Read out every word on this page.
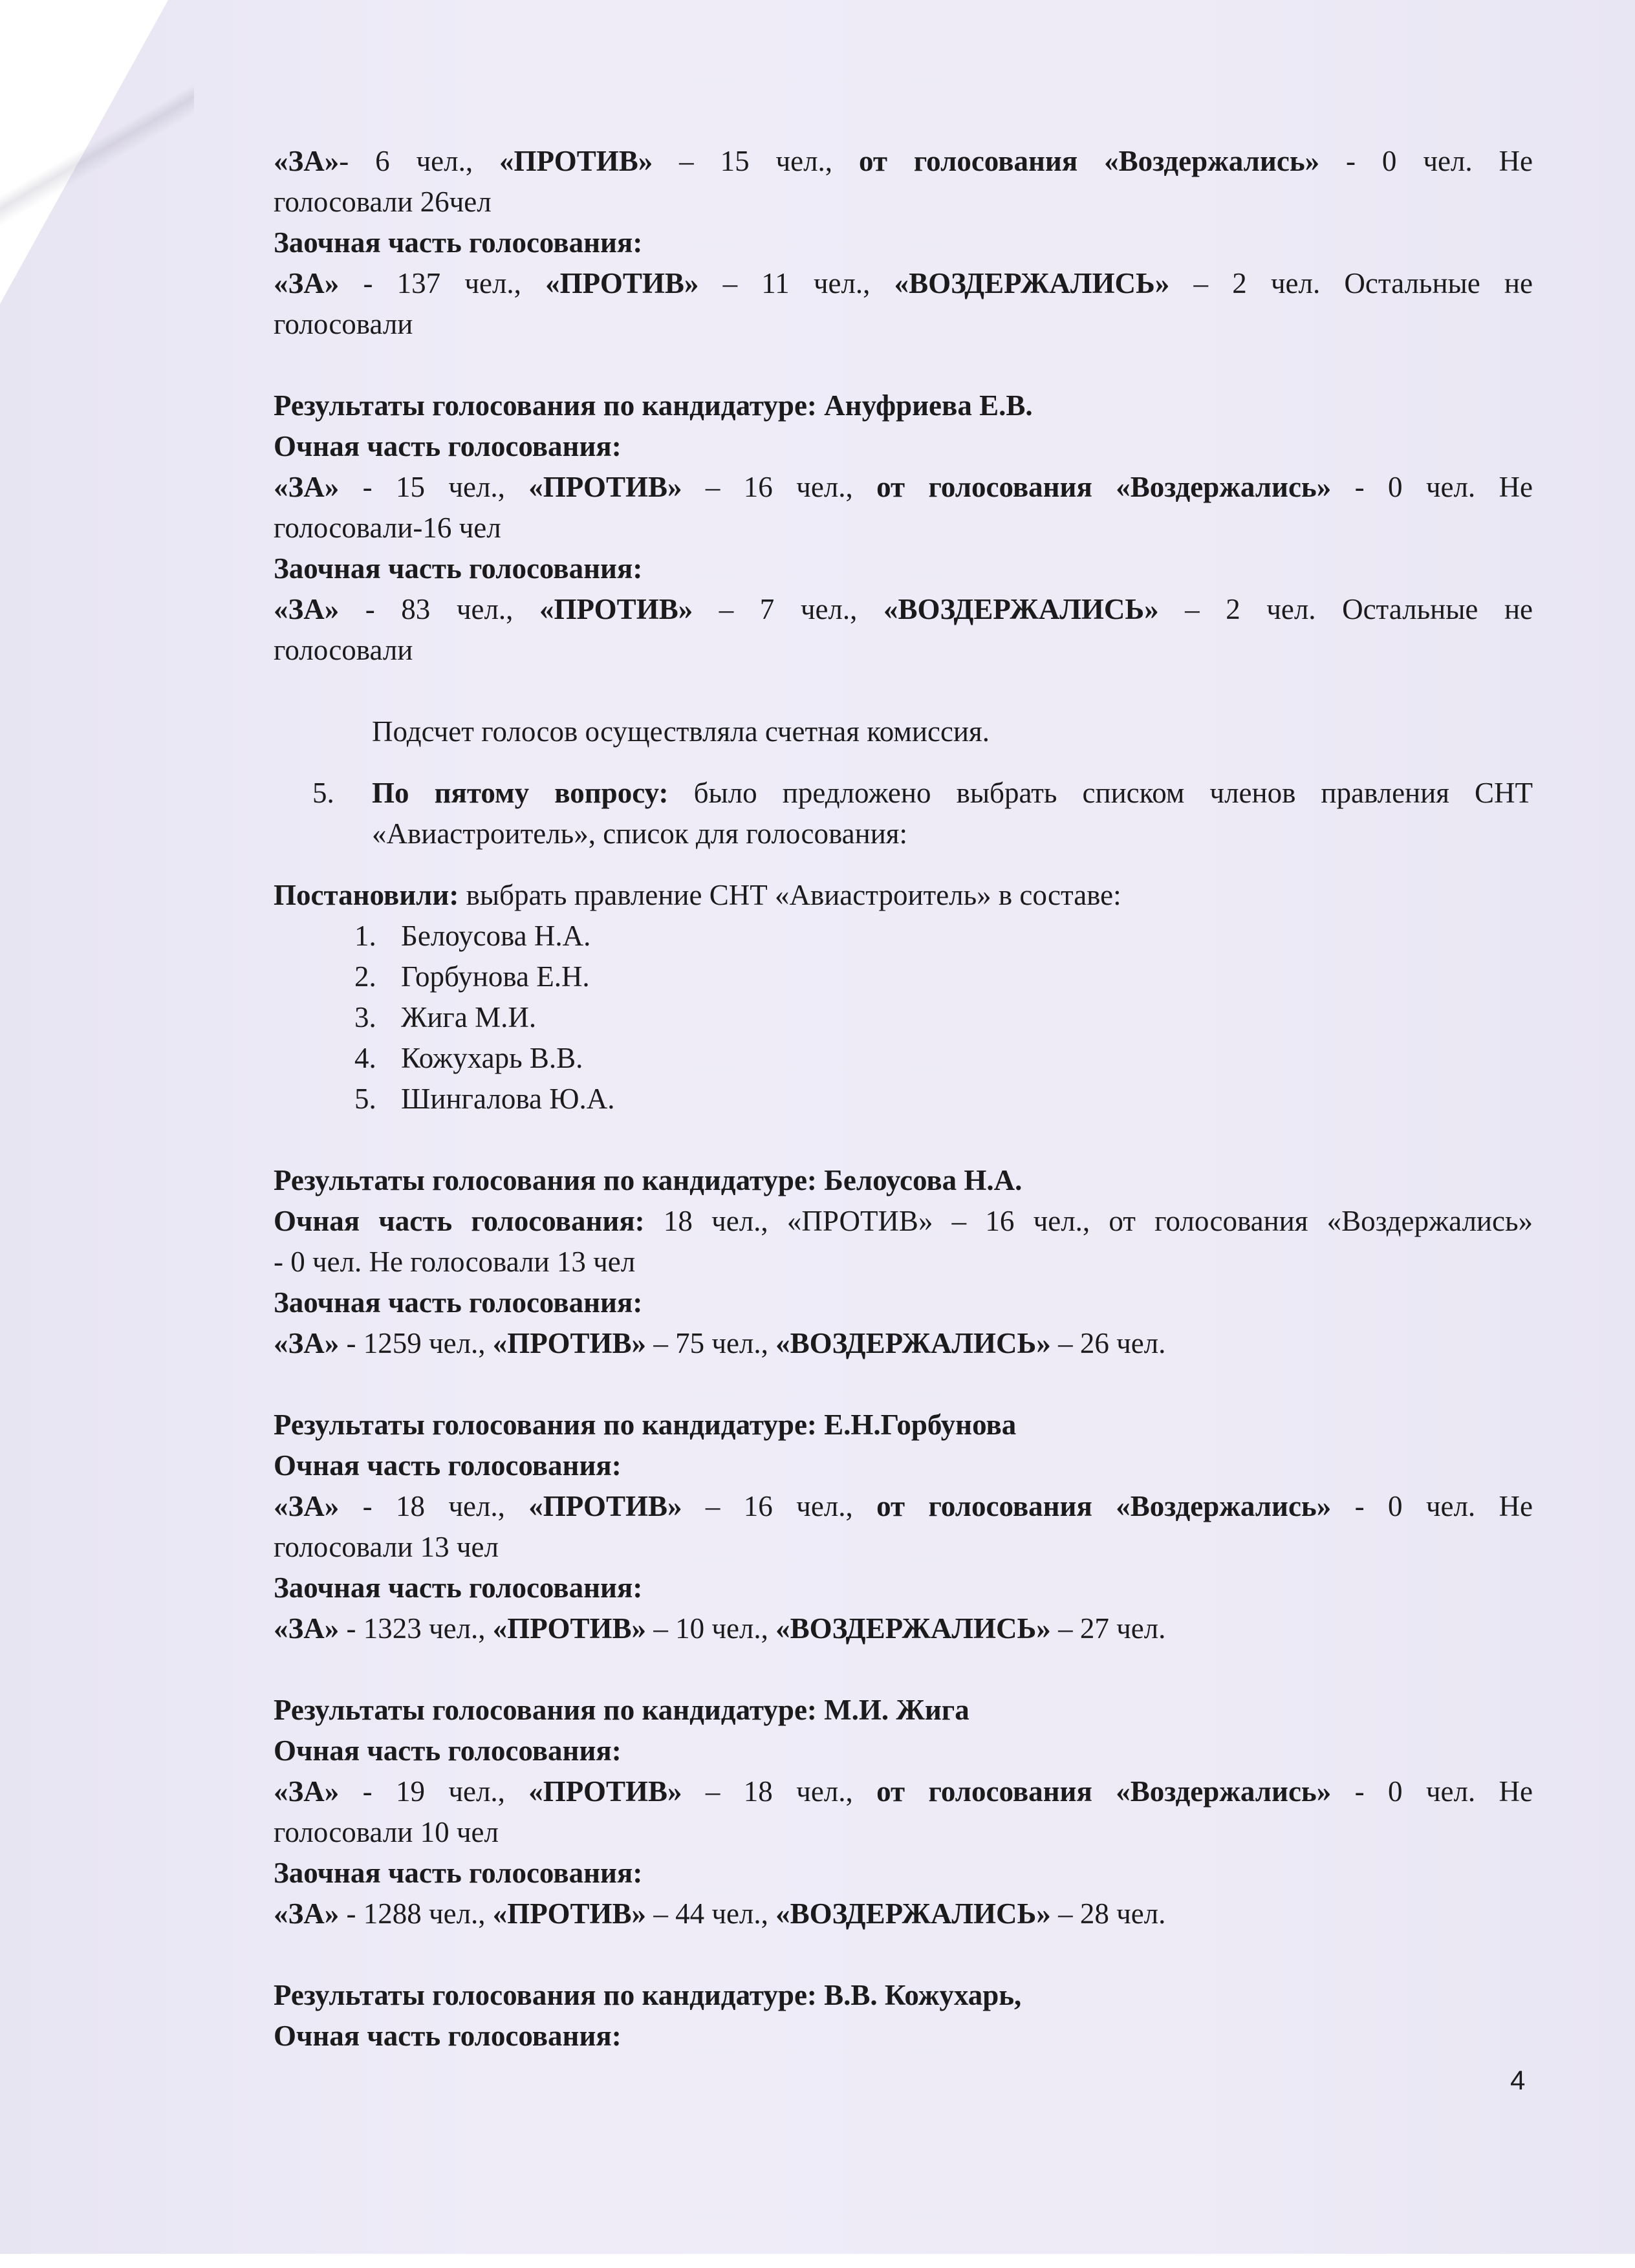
«ЗА»- 6 чел., «ПРОТИВ» – 15 чел., от голосования «Воздержались» - 0 чел. Не
голосовали 26чел
Заочная часть голосования:
«ЗА» - 137 чел., «ПРОТИВ» – 11 чел., «ВОЗДЕРЖАЛИСЬ» – 2 чел. Остальные не
голосовали
Результаты голосования по кандидатуре: Ануфриева Е.В.
Очная часть голосования:
«ЗА» - 15 чел., «ПРОТИВ» – 16 чел., от голосования «Воздержались» - 0 чел. Не
голосовали-16 чел
Заочная часть голосования:
«ЗА» - 83 чел., «ПРОТИВ» – 7 чел., «ВОЗДЕРЖАЛИСЬ» – 2 чел. Остальные не
голосовали
Подсчет голосов осуществляла счетная комиссия.
5.	По пятому вопросу: было предложено выбрать списком членов правления СНТ «Авиастроитель», список для голосования:
Постановили: выбрать правление СНТ «Авиастроитель» в составе:
1. Белоусова Н.А.
2. Горбунова Е.Н.
3. Жига М.И.
4. Кожухарь В.В.
5. Шингалова Ю.А.
Результаты голосования по кандидатуре: Белоусова Н.А.
Очная часть голосования: 18 чел., «ПРОТИВ» – 16 чел., от голосования «Воздержались»
- 0 чел. Не голосовали 13 чел
Заочная часть голосования:
«ЗА» - 1259 чел., «ПРОТИВ» – 75 чел., «ВОЗДЕРЖАЛИСЬ» – 26 чел.
Результаты голосования по кандидатуре: Е.Н.Горбунова
Очная часть голосования:
«ЗА» - 18 чел., «ПРОТИВ» – 16 чел., от голосования «Воздержались» - 0 чел. Не
голосовали 13 чел
Заочная часть голосования:
«ЗА» - 1323 чел., «ПРОТИВ» – 10 чел., «ВОЗДЕРЖАЛИСЬ» – 27 чел.
Результаты голосования по кандидатуре: М.И. Жига
Очная часть голосования:
«ЗА» - 19 чел., «ПРОТИВ» – 18 чел., от голосования «Воздержались» - 0 чел. Не
голосовали 10 чел
Заочная часть голосования:
«ЗА» - 1288 чел., «ПРОТИВ» – 44 чел., «ВОЗДЕРЖАЛИСЬ» – 28 чел.
Результаты голосования по кандидатуре: В.В. Кожухарь,
Очная часть голосования:
4
